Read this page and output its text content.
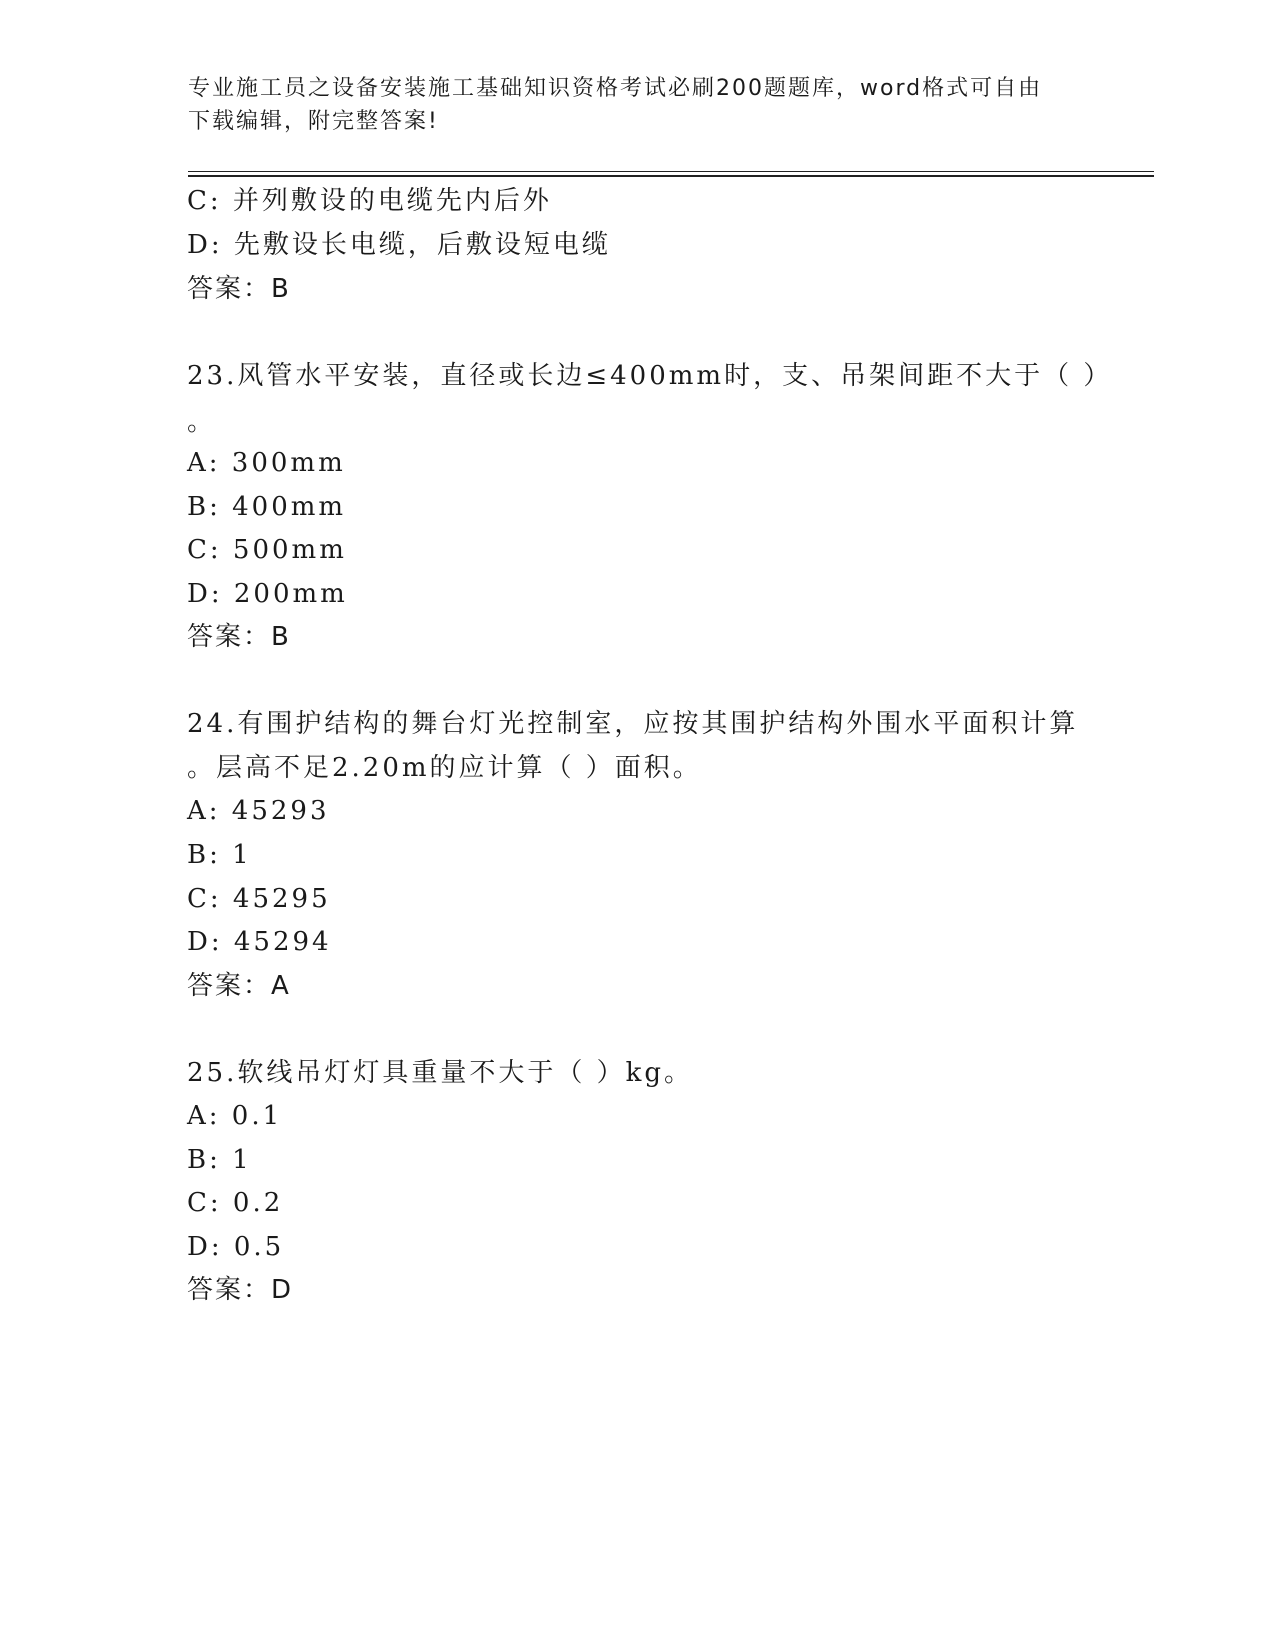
专业施工员之设备安装施工基础知识资格考试必刷200题题库，word格式可自由
下载编辑，附完整答案!
C: 并列敷设的电缆先内后外
D: 先敷设长电缆，后敷设短电缆
答案：B
23.风管水平安装，直径或长边≤400mm时，支、吊架间距不大于（ ）
。
A: 300mm
B: 400mm
C: 500mm
D: 200mm
答案：B
24.有围护结构的舞台灯光控制室，应按其围护结构外围水平面积计算
。层高不足2.20m的应计算（ ）面积。
A: 45293
B: 1
C: 45295
D: 45294
答案：A
25.软线吊灯灯具重量不大于（ ）kg。
A: 0.1
B: 1
C: 0.2
D: 0.5
答案：D
